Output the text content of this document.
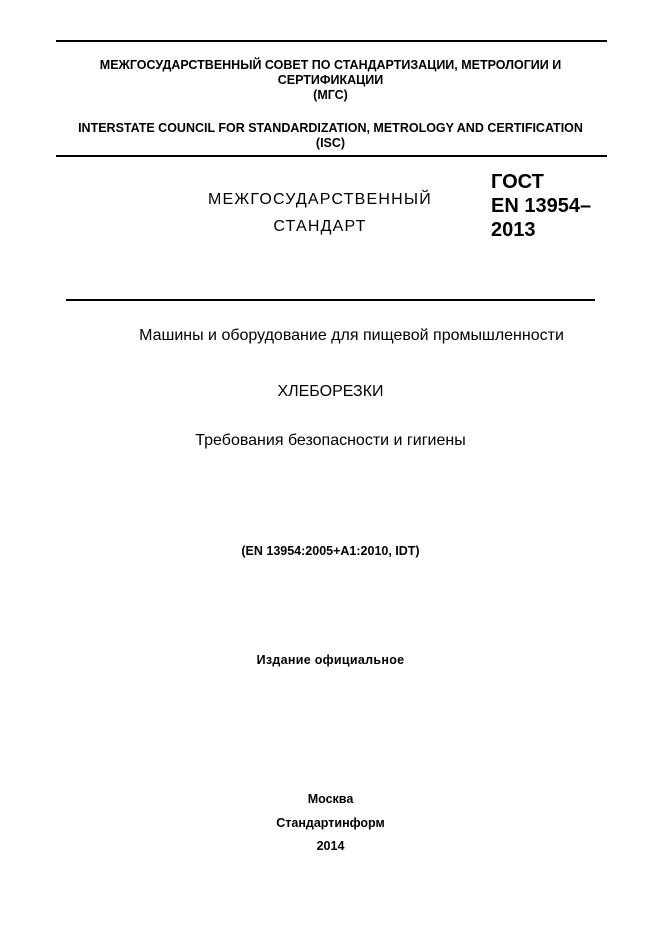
МЕЖГОСУДАРСТВЕННЫЙ СОВЕТ ПО СТАНДАРТИЗАЦИИ, МЕТРОЛОГИИ И
СЕРТИФИКАЦИИ
(МГС)
INTERSTATE COUNCIL FOR STANDARDIZATION, METROLOGY AND CERTIFICATION
(ISC)
МЕЖГОСУДАРСТВЕННЫЙ
СТАНДАРТ
ГОСТ
EN 13954–
2013
Машины и оборудование для пищевой промышленности
ХЛЕБОРЕЗКИ
Требования безопасности и гигиены
(EN 13954:2005+A1:2010, IDT)
Издание официальное
Москва
Стандартинформ
2014
